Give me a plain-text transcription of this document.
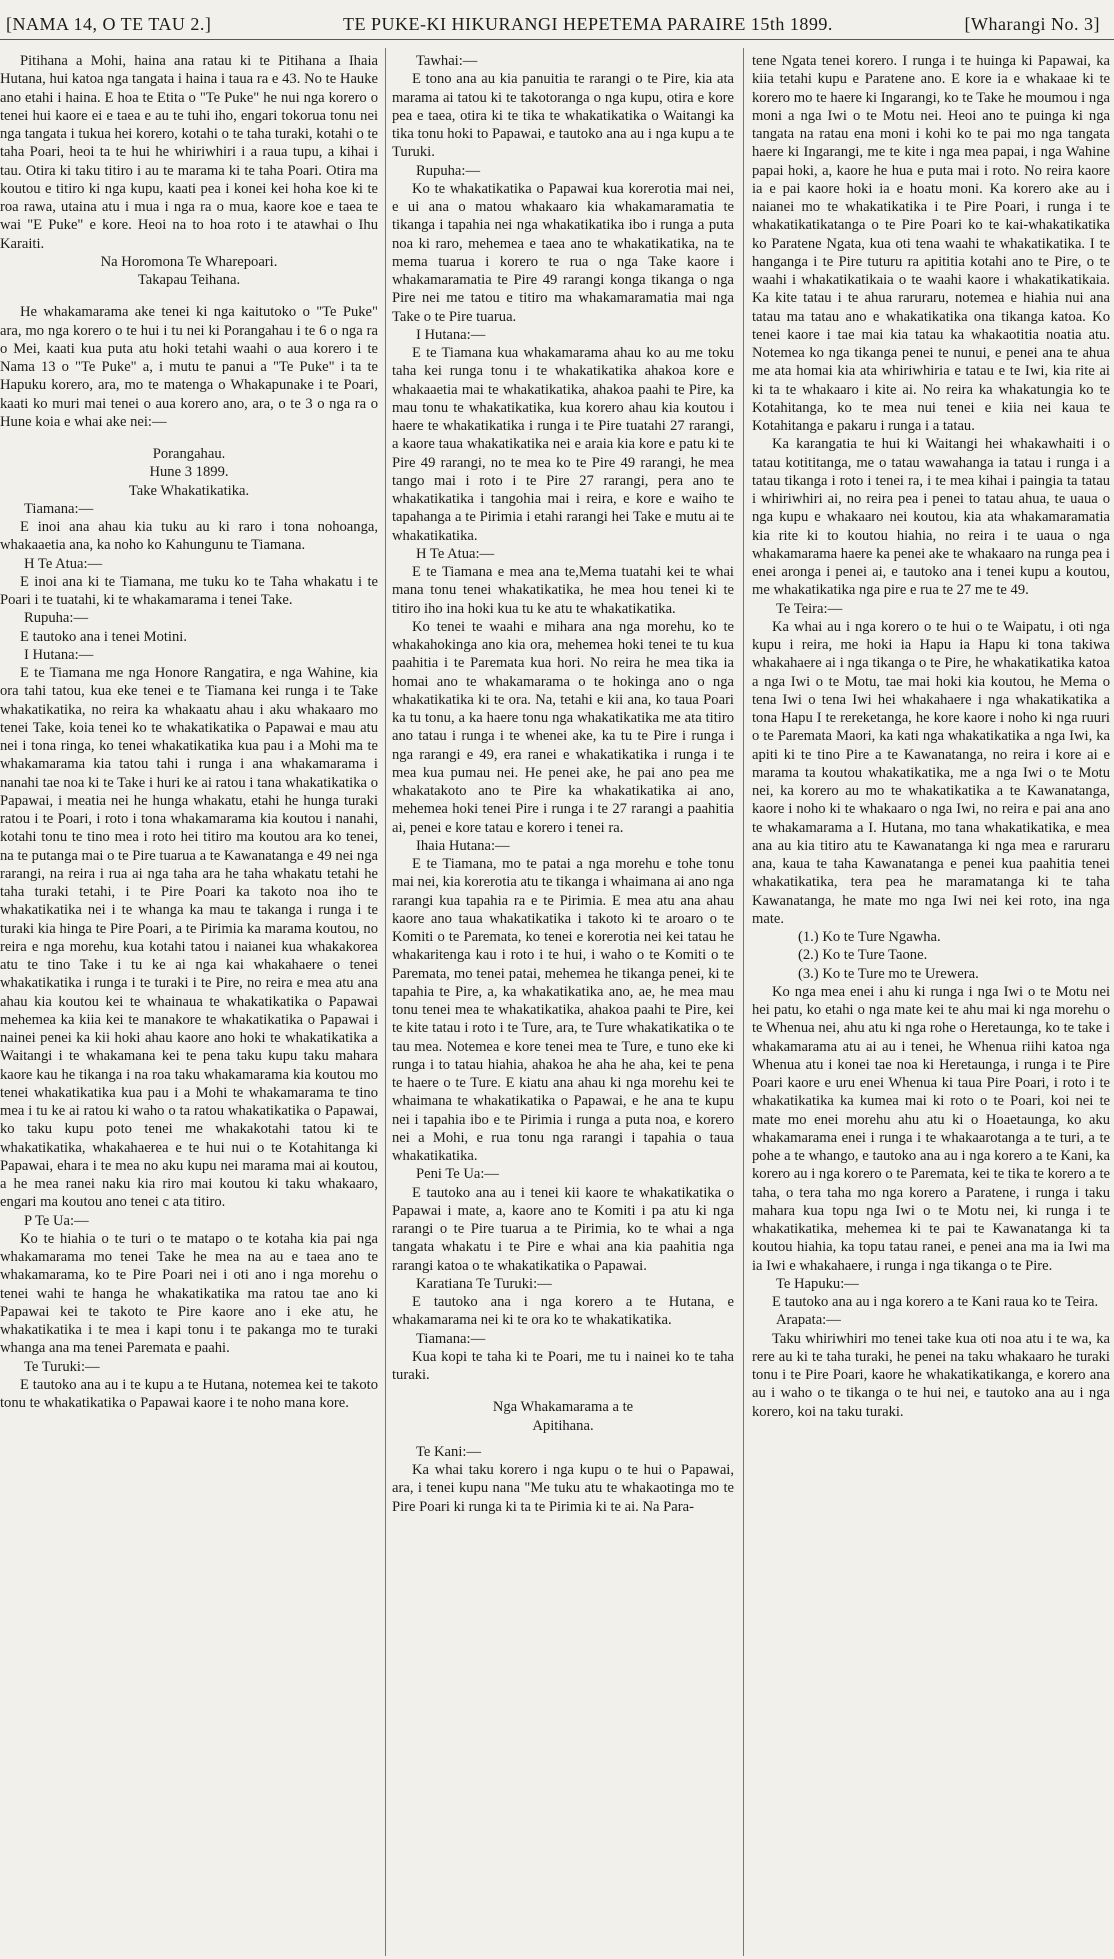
[NAMA 14, O TE TAU 2.]	TE PUKE-KI HIKURANGI HEPETEMA PARAIRE 15th 1899.	[Wharangi No. 3]

Pitihana a Mohi, haina ana ratau ki te Pitihana a Ihaia Hutana, hui katoa nga tangata i haina i taua ra e 43. No te Hauke ano etahi i haina. E hoa te Etita o "Te Puke" he nui nga korero o tenei hui kaore ei e taea e au te tuhi iho, engari tokorua tonu nei nga tangata i tukua hei korero, kotahi o te taha turaki, kotahi o te taha Poari, heoi ta te hui he whiriwhiri i a raua tupu, a kihai i tau. Otira ki taku titiro i au te marama ki te taha Poari. Otira ma koutou e titiro ki nga kupu, kaati pea i konei kei hoha koe ki te roa rawa, utaina atu i mua i nga ra o mua, kaore koe e taea te wai "E Puke" e kore. Heoi na to hoa roto i te atawhai o Ihu Karaiti.

Na Horomona Te Wharepoari.

Takapau Teihana.

He whakamarama ake tenei ki nga kaitutoko o "Te Puke" ara, mo nga korero o te hui i tu nei ki Porangahau i te 6 o nga ra o Mei, kaati kua puta atu hoki tetahi waahi o aua korero i te Nama 13 o "Te Puke" a, i mutu te panui a "Te Puke" i ta te Hapuku korero, ara, mo te matenga o Whakapunake i te Poari, kaati ko muri mai tenei o aua korero ano, ara, o te 3 o nga ra o Hune koia e whai ake nei:—

Porangahau.

Hune 3 1899.

Take Whakatikatika.

Tiamana:—

E inoi ana ahau kia tuku au ki raro i tona nohoanga, whakaaetia ana, ka noho ko Kahungunu te Tiamana.

H Te Atua:—

E inoi ana ki te Tiamana, me tuku ko te Taha whakatu i te Poari i te tuatahi, ki te whakamarama i tenei Take.

Rupuha:—

E tautoko ana i tenei Motini.

I Hutana:—

E te Tiamana me nga Honore Rangatira, e nga Wahine, kia ora tahi tatou, kua eke tenei e te Tiamana kei runga i te Take whakatikatika, no reira ka whakaatu ahau i aku whakaaro mo tenei Take, koia tenei ko te whakatikatika o Papawai e mau atu nei i tona ringa, ko tenei whakatikatika kua pau i a Mohi ma te whakamarama kia tatou tahi i runga i ana whakamarama i nanahi tae noa ki te Take i huri ke ai ratou i tana whakatikatika o Papawai, i meatia nei he hunga whakatu, etahi he hunga turaki ratou i te Poari, i roto i tona whakamarama kia koutou i nanahi, kotahi tonu te tino mea i roto hei titiro ma koutou ara ko tenei, na te putanga mai o te Pire tuarua a te Kawanatanga e 49 nei nga rarangi, na reira i rua ai nga taha ara he taha whakatu tetahi he taha turaki tetahi, i te Pire Poari ka takoto noa iho te whakatikatika nei i te whanga ka mau te takanga i runga i te turaki kia hinga te Pire Poari, a te Pirimia ka marama koutou, no reira e nga morehu, kua kotahi tatou i naianei kua whakakorea atu te tino Take i tu ke ai nga kai whakahaere o tenei whakatikatika i runga i te turaki i te Pire, no reira e mea atu ana ahau kia koutou kei te whainaua te whakatikatika o Papawai mehemea ka kiia kei te manakore te whakatikatika o Papawai i nainei penei ka kii hoki ahau kaore ano hoki te whakatikatika a Waitangi i te whakamana kei te pena taku kupu taku mahara kaore kau he tikanga i na roa taku whakamarama kia koutou mo tenei whakatikatika kua pau i a Mohi te whakamarama te tino mea i tu ke ai ratou ki waho o ta ratou whakatikatika o Papawai, ko taku kupu poto tenei me whakakotahi tatou ki te whakatikatika, whakahaerea e te hui nui o te Kotahitanga ki Papawai, ehara i te mea no aku kupu nei marama mai ai koutou, a he mea ranei naku kia riro mai koutou ki taku whakaaro, engari ma koutou ano tenei c ata titiro.

P Te Ua:—

Ko te hiahia o te turi o te matapo o te kotaha kia pai nga whakamarama mo tenei Take he mea na au e taea ano te whakamarama, ko te Pire Poari nei i oti ano i nga morehu o tenei wahi te hanga he whakatikatika ma ratou tae ano ki Papawai kei te takoto te Pire kaore ano i eke atu, he whakatikatika i te mea i kapi tonu i te pakanga mo te turaki whanga ana ma tenei Paremata e paahi.

Te Turuki:—

E tautoko ana au i te kupu a te Hutana, notemea kei te takoto tonu te whakatikatika o Papawai kaore i te noho mana kore.

Tawhai:—

E tono ana au kia panuitia te rarangi o te Pire, kia ata marama ai tatou ki te takotoranga o nga kupu, otira e kore pea e taea, otira ki te tika te whakatikatika o Waitangi ka tika tonu hoki to Papawai, e tautoko ana au i nga kupu a te Turuki.

Rupuha:—

Ko te whakatikatika o Papawai kua korerotia mai nei, e ui ana o matou whakaaro kia whakamaramatia te tikanga i tapahia nei nga whakatikatika ibo i runga a puta noa ki raro, mehemea e taea ano te whakatikatika, na te mema tuarua i korero te rua o nga Take kaore i whakamaramatia te Pire 49 rarangi konga tikanga o nga Pire nei me tatou e titiro ma whakamaramatia mai nga Take o te Pire tuarua.

I Hutana:—

E te Tiamana kua whakamarama ahau ko au me toku taha kei runga tonu i te whakatikatika ahakoa kore e whakaaetia mai te whakatikatika, ahakoa paahi te Pire, ka mau tonu te whakatikatika, kua korero ahau kia koutou i haere te whakatikatika i runga i te Pire tuatahi 27 rarangi, a kaore taua whakatikatika nei e araia kia kore e patu ki te Pire 49 rarangi, no te mea ko te Pire 49 rarangi, he mea tango mai i roto i te Pire 27 rarangi, pera ano te whakatikatika i tangohia mai i reira, e kore e waiho te tapahanga a te Pirimia i etahi rarangi hei Take e mutu ai te whakatikatika.

H Te Atua:—

E te Tiamana e mea ana te,Mema tuatahi kei te whai mana tonu tenei whakatikatika, he mea hou tenei ki te titiro iho ina hoki kua tu ke atu te whakatikatika.

Ko tenei te waahi e mihara ana nga morehu, ko te whakahokinga ano kia ora, mehemea hoki tenei te tu kua paahitia i te Paremata kua hori. No reira he mea tika ia homai ano te whakamarama o te hokinga ano o nga whakatikatika ki te ora. Na, tetahi e kii ana, ko taua Poari ka tu tonu, a ka haere tonu nga whakatikatika me ata titiro ano tatau i runga i te whenei ake, ka tu te Pire i runga i nga rarangi e 49, era ranei e whakatikatika i runga i te mea kua pumau nei. He penei ake, he pai ano pea me whakatakoto ano te Pire ka whakatikatika ai ano, mehemea hoki tenei Pire i runga i te 27 rarangi a paahitia ai, penei e kore tatau e korero i tenei ra.

Ihaia Hutana:—

E te Tiamana, mo te patai a nga morehu e tohe tonu mai nei, kia korerotia atu te tikanga i whaimana ai ano nga rarangi kua tapahia ra e te Pirimia. E mea atu ana ahau kaore ano taua whakatikatika i takoto ki te aroaro o te Komiti o te Paremata, ko tenei e korerotia nei kei tatau he whakaritenga kau i roto i te hui, i waho o te Komiti o te Paremata, mo tenei patai, mehemea he tikanga penei, ki te tapahia te Pire, a, ka whakatikatika ano, ae, he mea mau tonu tenei mea te whakatikatika, ahakoa paahi te Pire, kei te kite tatau i roto i te Ture, ara, te Ture whakatikatika o te tau mea. Notemea e kore tenei mea te Ture, e tuno eke ki runga i to tatau hiahia, ahakoa he aha he aha, kei te pena te haere o te Ture. E kiatu ana ahau ki nga morehu kei te whaimana te whakatikatika o Papawai, e he ana te kupu nei i tapahia ibo e te Pirimia i runga a puta noa, e korero nei a Mohi, e rua tonu nga rarangi i tapahia o taua whakatikatika.

Peni Te Ua:—

E tautoko ana au i tenei kii kaore te whakatikatika o Papawai i mate, a, kaore ano te Komiti i pa atu ki nga rarangi o te Pire tuarua a te Pirimia, ko te whai a nga tangata whakatu i te Pire e whai ana kia paahitia nga rarangi katoa o te whakatikatika o Papawai.

Karatiana Te Turuki:—

E tautoko ana i nga korero a te Hutana, e whakamarama nei ki te ora ko te whakatikatika.

Tiamana:—

Kua kopi te taha ki te Poari, me tu i nainei ko te taha turaki.

Nga Whakamarama a te

Apitihana.

Te Kani:—

Ka whai taku korero i nga kupu o te hui o Papawai, ara, i tenei kupu nana "Me tuku atu te whakaotinga mo te Pire Poari ki runga ki ta te Pirimia ki te ai. Na Para-

tene Ngata tenei korero. I runga i te huinga ki Papawai, ka kiia tetahi kupu e Paratene ano. E kore ia e whakaae ki te korero mo te haere ki Ingarangi, ko te Take he moumou i nga moni a nga Iwi o te Motu nei. Heoi ano te puinga ki nga tangata na ratau ena moni i kohi ko te pai mo nga tangata haere ki Ingarangi, me te kite i nga mea papai, i nga Wahine papai hoki, a, kaore he hua e puta mai i roto. No reira kaore ia e pai kaore hoki ia e hoatu moni. Ka korero ake au i naianei mo te whakatikatika i te Pire Poari, i runga i te whakatikatikatanga o te Pire Poari ko te kai-whakatikatika ko Paratene Ngata, kua oti tena waahi te whakatikatika. I te hanganga i te Pire tuturu ra apititia kotahi ano te Pire, o te waahi i whakatikatikaia o te waahi kaore i whakatikatikaia. Ka kite tatau i te ahua raruraru, notemea e hiahia nui ana tatau ma tatau ano e whakatikatika ona tikanga katoa. Ko tenei kaore i tae mai kia tatau ka whakaotitia noatia atu. Notemea ko nga tikanga penei te nunui, e penei ana te ahua me ata homai kia ata whiriwhiria e tatau e te Iwi, kia rite ai ki ta te whakaaro i kite ai. No reira ka whakatungia ko te Kotahitanga, ko te mea nui tenei e kiia nei kaua te Kotahitanga e pakaru i runga i a tatau.

Ka karangatia te hui ki Waitangi hei whakawhaiti i o tatau kotititanga, me o tatau wawahanga ia tatau i runga i a tatau tikanga i roto i tenei ra, i te mea kihai i paingia ta tatau i whiriwhiri ai, no reira pea i penei to tatau ahua, te uaua o nga kupu e whakaaro nei koutou, kia ata whakamaramatia kia rite ki to koutou hiahia, no reira i te uaua o nga whakamarama haere ka penei ake te whakaaro na runga pea i enei aronga i penei ai, e tautoko ana i tenei kupu a koutou, me whakatikatika nga pire e rua te 27 me te 49.

Te Teira:—

Ka whai au i nga korero o te hui o te Waipatu, i oti nga kupu i reira, me hoki ia Hapu ia Hapu ki tona takiwa whakahaere ai i nga tikanga o te Pire, he whakatikatika katoa a nga Iwi o te Motu, tae mai hoki kia koutou, he Mema o tena Iwi o tena Iwi hei whakahaere i nga whakatikatika a tona Hapu I te rereketanga, he kore kaore i noho ki nga ruuri o te Paremata Maori, ka kati nga whakatikatika a nga Iwi, ka apiti ki te tino Pire a te Kawanatanga, no reira i kore ai e marama ta koutou whakatikatika, me a nga Iwi o te Motu nei, ka korero au mo te whakatikatika a te Kawanatanga, kaore i noho ki te whakaaro o nga Iwi, no reira e pai ana ano te whakamarama a I. Hutana, mo tana whakatikatika, e mea ana au kia titiro atu te Kawanatanga ki nga mea e raruraru ana, kaua te taha Kawanatanga e penei kua paahitia tenei whakatikatika, tera pea he maramatanga ki te taha Kawanatanga, he mate mo nga Iwi nei kei roto, ina nga mate.

(1.) Ko te Ture Ngawha.

(2.) Ko te Ture Taone.

(3.) Ko te Ture mo te Urewera.

Ko nga mea enei i ahu ki runga i nga Iwi o te Motu nei hei patu, ko etahi o nga mate kei te ahu mai ki nga morehu o te Whenua nei, ahu atu ki nga rohe o Heretaunga, ko te take i whakamarama atu ai au i tenei, he Whenua riihi katoa nga Whenua atu i konei tae noa ki Heretaunga, i runga i te Pire Poari kaore e uru enei Whenua ki taua Pire Poari, i roto i te whakatikatika ka kumea mai ki roto o te Poari, koi nei te mate mo enei morehu ahu atu ki o Hoaetaunga, ko aku whakamarama enei i runga i te whakaarotanga a te turi, a te pohe a te whango, e tautoko ana au i nga korero a te Kani, ka korero au i nga korero o te Paremata, kei te tika te korero a te taha, o tera taha mo nga korero a Paratene, i runga i taku mahara kua topu nga Iwi o te Motu nei, ki runga i te whakatikatika, mehemea ki te pai te Kawanatanga ki ta koutou hiahia, ka topu tatau ranei, e penei ana ma ia Iwi ma ia Iwi e whakahaere, i runga i nga tikanga o te Pire.

Te Hapuku:—

E tautoko ana au i nga korero a te Kani raua ko te Teira.

Arapata:—

Taku whiriwhiri mo tenei take kua oti noa atu i te wa, ka rere au ki te taha turaki, he penei na taku whakaaro he turaki tonu i te Pire Poari, kaore he whakatikatikanga, e korero ana au i waho o te tikanga o te hui nei, e tautoko ana au i nga korero, koi na taku turaki.
